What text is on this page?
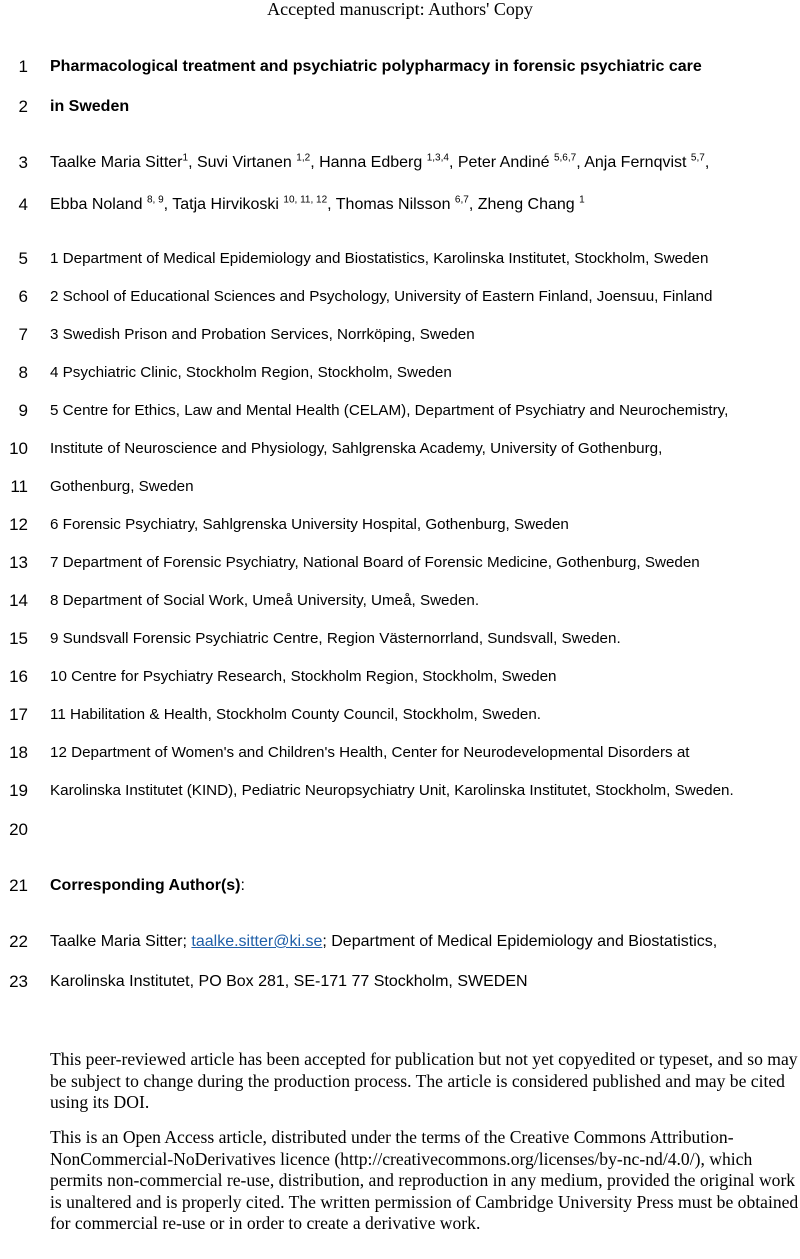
Accepted manuscript: Authors' Copy
1 Pharmacological treatment and psychiatric polypharmacy in forensic psychiatric care
2 in Sweden
3 Taalke Maria Sitter$^1$, Suvi Virtanen $^{1,2}$, Hanna Edberg $^{1,3,4}$, Peter Andiné $^{5,6,7}$, Anja Fernqvist $^{5,7}$,
4 Ebba Noland $^{8, 9}$, Tatja Hirvikoski $^{10, 11, 12}$, Thomas Nilsson $^{6,7}$, Zheng Chang $^1$
5 1 Department of Medical Epidemiology and Biostatistics, Karolinska Institutet, Stockholm, Sweden
6 2 School of Educational Sciences and Psychology, University of Eastern Finland, Joensuu, Finland
7 3 Swedish Prison and Probation Services, Norrköping, Sweden
8 4 Psychiatric Clinic, Stockholm Region, Stockholm, Sweden
9 5 Centre for Ethics, Law and Mental Health (CELAM), Department of Psychiatry and Neurochemistry,
10 Institute of Neuroscience and Physiology, Sahlgrenska Academy, University of Gothenburg,
11 Gothenburg, Sweden
12 6 Forensic Psychiatry, Sahlgrenska University Hospital, Gothenburg, Sweden
13 7 Department of Forensic Psychiatry, National Board of Forensic Medicine, Gothenburg, Sweden
14 8 Department of Social Work, Umeå University, Umeå, Sweden.
15 9 Sundsvall Forensic Psychiatric Centre, Region Västernorrland, Sundsvall, Sweden.
16 10 Centre for Psychiatry Research, Stockholm Region, Stockholm, Sweden
17 11 Habilitation & Health, Stockholm County Council, Stockholm, Sweden.
18 12 Department of Women's and Children's Health, Center for Neurodevelopmental Disorders at
19 Karolinska Institutet (KIND), Pediatric Neuropsychiatry Unit, Karolinska Institutet, Stockholm, Sweden.
20
21 Corresponding Author(s):
22 Taalke Maria Sitter; taalke.sitter@ki.se; Department of Medical Epidemiology and Biostatistics,
23 Karolinska Institutet, PO Box 281, SE-171 77 Stockholm, SWEDEN
This peer-reviewed article has been accepted for publication but not yet copyedited or typeset, and so may be subject to change during the production process. The article is considered published and may be cited using its DOI.
This is an Open Access article, distributed under the terms of the Creative Commons Attribution-NonCommercial-NoDerivatives licence (http://creativecommons.org/licenses/by-nc-nd/4.0/), which permits non-commercial re-use, distribution, and reproduction in any medium, provided the original work is unaltered and is properly cited. The written permission of Cambridge University Press must be obtained for commercial re-use or in order to create a derivative work.
